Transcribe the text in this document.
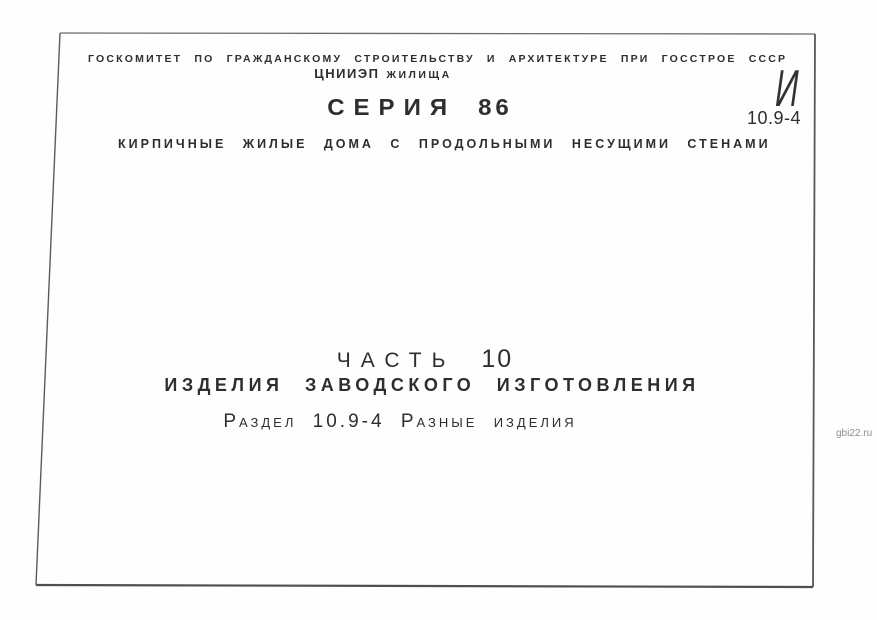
ГОСКОМИТЕТ ПО ГРАЖДАНСКОМУ СТРОИТЕЛЬСТВУ И АРХИТЕКТУРЕ ПРИ ГОССТРОЕ СССР
ЦНИИЭП ЖИЛИЩА
СЕРИЯ 86	И
10.9-4
КИРПИЧНЫЕ ЖИЛЫЕ ДОМА С ПРОДОЛЬНЫМИ НЕСУЩИМИ СТЕНАМИ
ЧАСТЬ 10
ИЗДЕЛИЯ ЗАВОДСКОГО ИЗГОТОВЛЕНИЯ
Раздел 10.9-4 Разные изделия
gbi22.ru
